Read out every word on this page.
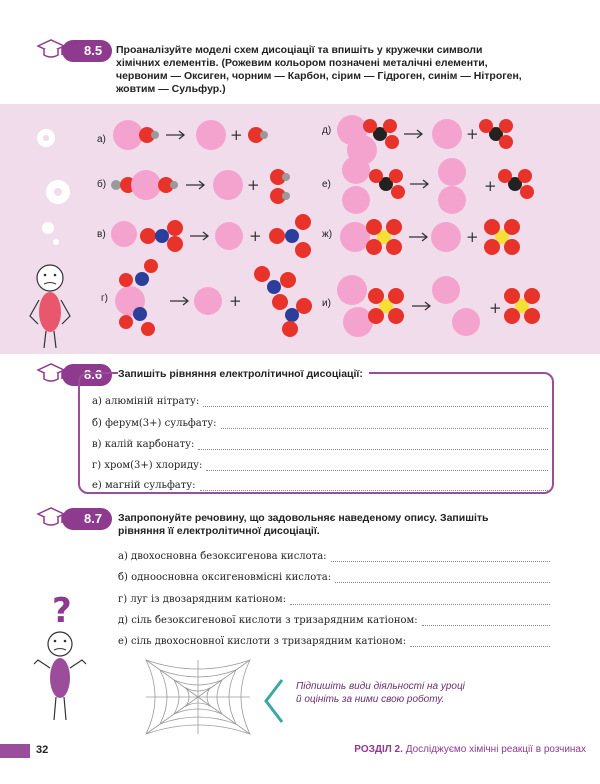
8.5	Проаналізуйте моделі схем дисоціації та впишіть у кружечки символи хімічних елементів. (Рожевим кольором позначені металічні елементи, червоним — Оксиген, чорним — Карбон, сірим — Гідроген, синім — Нітроген, жовтим — Сульфур.)
+
+
+
+
+
+
+
+
а)
б)
в)
г)
д)
е)
ж)
и)
8.6	Запишіть рівняння електролітичної дисоціації:
а) алюміній нітрату:
б) ферум(3+) сульфату:
в) калій карбонату:
г) хром(3+) хлориду:
е) магній сульфату:
8.7	Запропонуйте речовину, що задовольняє наведеному опису. Запишіть рівняння її електролітичної дисоціації.
а) двохосновна безоксигенова кислота:
б) одноосновна оксигеновмісні кислота:
г) луг із двозарядним катіоном:
д) сіль безоксигенової кислоти з тризарядним катіоном:
е) сіль двохосновної кислоти з тризарядним катіоном:
?
Підпишіть види діяльності на уроці й оцініть за ними свою роботу.
32	РОЗДІЛ 2. Досліджуємо хімічні реакції в розчинах
